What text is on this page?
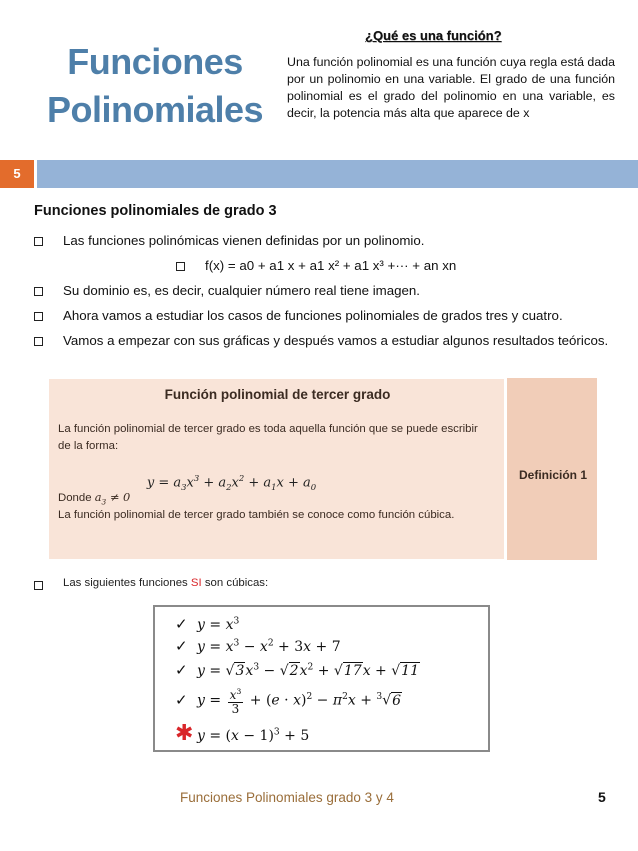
Funciones
Polinomiales
¿Qué es una función?
Una función polinomial es una función cuya regla está dada por un polinomio en una variable. El grado de una función polinomial es el grado del polinomio en una variable, es decir, la potencia más alta que aparece de x
5
Funciones polinomiales de grado 3
Las funciones polinómicas vienen definidas por un polinomio.
f(x) = a0 + a1 x + a1 x² + a1 x³ +··· + an xn
Su dominio es, es decir, cualquier número real tiene imagen.
Ahora vamos a estudiar los casos de funciones polinomiales de grados tres y cuatro.
Vamos a empezar con sus gráficas y después vamos a estudiar algunos resultados teóricos.
Función polinomial de tercer grado
La función polinomial de tercer grado es toda aquella función que se puede escribir de la forma:
$y = a_3x^3 + a_2x^2 + a_1x + a_0$
Donde $a_3 \ne 0$
La función polinomial de tercer grado también se conoce como función cúbica.
Definición 1
Las siguientes funciones SI son cúbicas:
✓ $y = x^3$
✓ $y = x^3 - x^2 + 3x + 7$
✓ $y = √3x^3 - √2x^2 + √17x + √11$
✓ $y = \frac{x^3}{3} + (e \cdot x)^2 - \pi^2x + ^3√6$
✱ $y = (x - 1)^3 + 5$
Funciones Polinomiales grado 3 y 4	5
